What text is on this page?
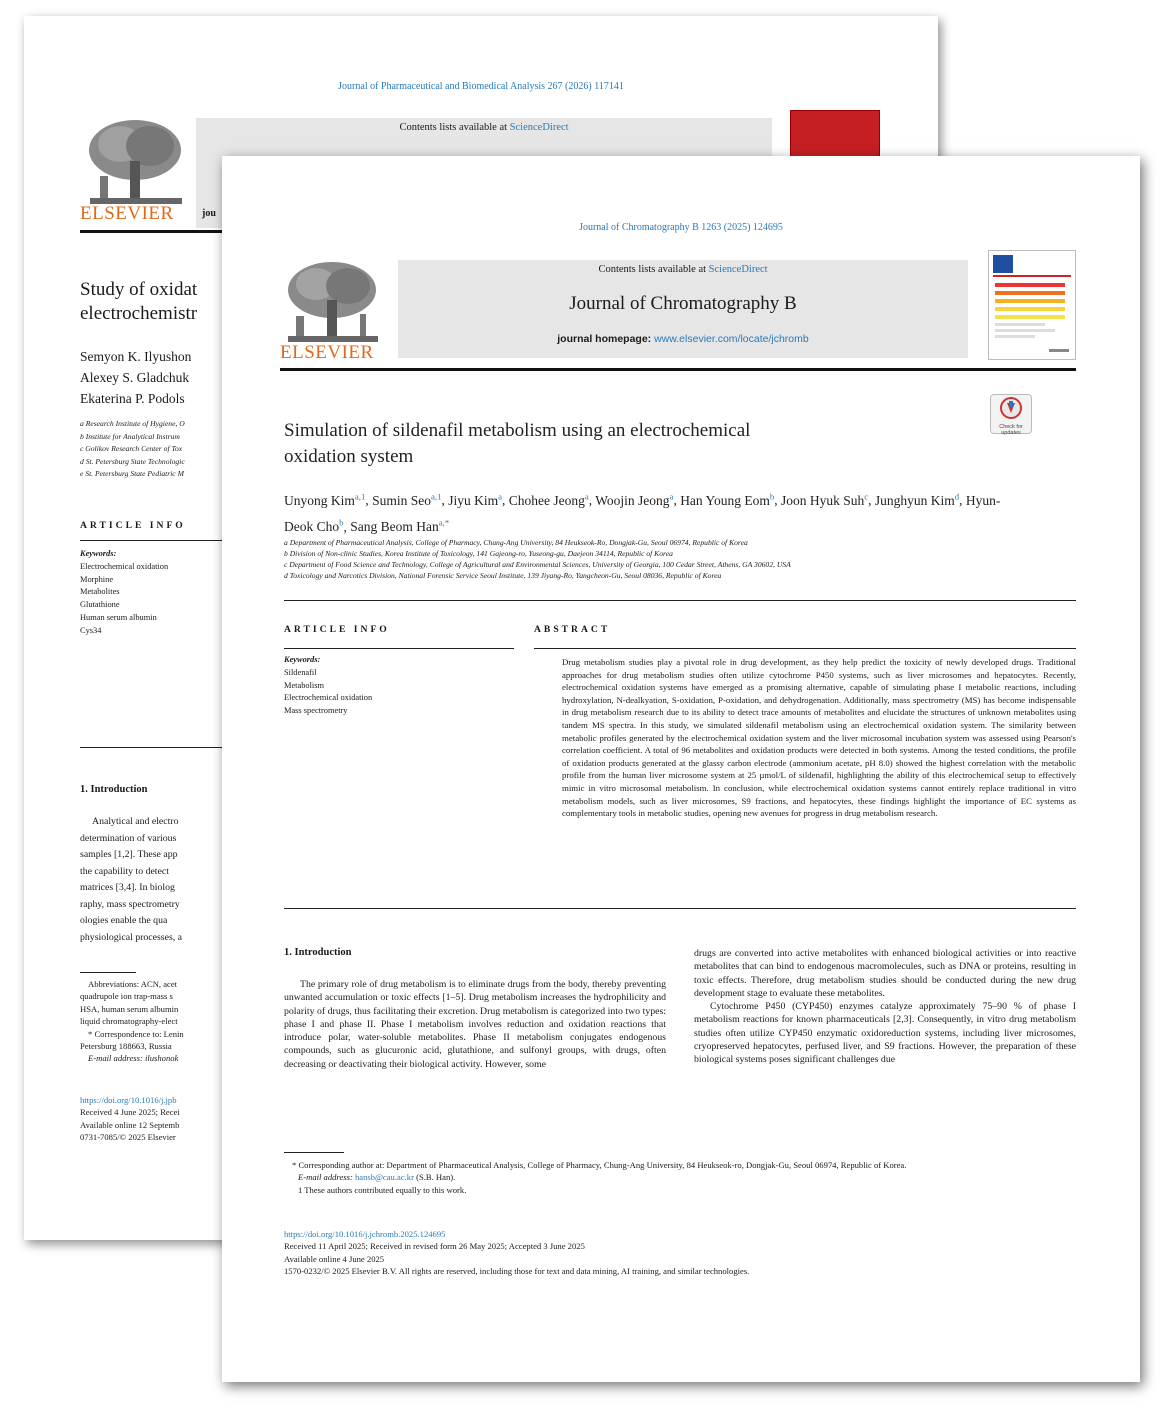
Journal of Pharmaceutical and Biomedical Analysis 267 (2026) 117141
ELSEVIER
Contents lists available at ScienceDirect
jou
Study of oxidat
electrochemistr
Semyon K. Ilyushon
Alexey S. Gladchuk
Ekaterina P. Podols
a Research Institute of Hygiene, O
b Institute for Analytical Instrum
c Golikov Research Center of Tox
d St. Petersburg State Technologic
e St. Petersburg State Pediatric M
ARTICLE INFO
Keywords:
Electrochemical oxidation
Morphine
Metabolites
Glutathione
Human serum albumin
Cys34
1. Introduction
Analytical and electro
determination of various
samples [1,2]. These app
the capability to detect
matrices [3,4]. In biolog
raphy, mass spectrometry
ologies enable the qua
physiological processes, a
Abbreviations: ACN, acet
quadrupole ion trap-mass s
HSA, human serum albumin
liquid chromatography-elect
* Correspondence to: Lenin
Petersburg 188663, Russia
E-mail address: ilushonok
https://doi.org/10.1016/j.jpb
Received 4 June 2025; Recei
Available online 12 Septemb
0731-7085/© 2025 Elsevier
Journal of Chromatography B 1263 (2025) 124695
ELSEVIER
Contents lists available at ScienceDirect
Journal of Chromatography B
journal homepage: www.elsevier.com/locate/jchromb
Check for updates
Simulation of sildenafil metabolism using an electrochemical
oxidation system
Unyong Kim$^{a,1}$, Sumin Seo$^{a,1}$, Jiyu Kim$^a$, Chohee Jeong$^a$, Woojin Jeong$^a$, Han Young Eom$^b$, Joon Hyuk Suh$^c$, Junghyun Kim$^d$, Hyun-Deok Cho$^b$, Sang Beom Han$^{a,*}$
a Department of Pharmaceutical Analysis, College of Pharmacy, Chung-Ang University, 84 Heukseok-Ro, Dongjak-Gu, Seoul 06974, Republic of Korea
b Division of Non-clinic Studies, Korea Institute of Toxicology, 141 Gajeong-ro, Yuseong-gu, Daejeon 34114, Republic of Korea
c Department of Food Science and Technology, College of Agricultural and Environmental Sciences, University of Georgia, 100 Cedar Street, Athens, GA 30602, USA
d Toxicology and Narcotics Division, National Forensic Service Seoul Institute, 139 Jiyang-Ro, Yangcheon-Gu, Seoul 08036, Republic of Korea
ARTICLE INFO
Keywords:
Sildenafil
Metabolism
Electrochemical oxidation
Mass spectrometry
ABSTRACT
Drug metabolism studies play a pivotal role in drug development, as they help predict the toxicity of newly developed drugs. Traditional approaches for drug metabolism studies often utilize cytochrome P450 systems, such as liver microsomes and hepatocytes. Recently, electrochemical oxidation systems have emerged as a promising alternative, capable of simulating phase I metabolic reactions, including hydroxylation, N-dealkyation, S-oxidation, P-oxidation, and dehydrogenation. Additionally, mass spectrometry (MS) has become indispensable in drug metabolism research due to its ability to detect trace amounts of metabolites and elucidate the structures of unknown metabolites using tandem MS spectra. In this study, we simulated sildenafil metabolism using an electrochemical oxidation system. The similarity between metabolic profiles generated by the electrochemical oxidation system and the liver microsomal incubation system was assessed using Pearson's correlation coefficient. A total of 96 metabolites and oxidation products were detected in both systems. Among the tested conditions, the profile of oxidation products generated at the glassy carbon electrode (ammonium acetate, pH 8.0) showed the highest correlation with the metabolic profile from the human liver microsome system at 25 µmol/L of sildenafil, highlighting the ability of this electrochemical setup to effectively mimic in vitro microsomal metabolism. In conclusion, while electrochemical oxidation systems cannot entirely replace traditional in vitro metabolism models, such as liver microsomes, S9 fractions, and hepatocytes, these findings highlight the importance of EC systems as complementary tools in metabolic studies, opening new avenues for progress in drug metabolism research.
1. Introduction
The primary role of drug metabolism is to eliminate drugs from the body, thereby preventing unwanted accumulation or toxic effects [1–5]. Drug metabolism increases the hydrophilicity and polarity of drugs, thus facilitating their excretion. Drug metabolism is categorized into two types: phase I and phase II. Phase I metabolism involves reduction and oxidation reactions that introduce polar, water-soluble metabolites. Phase II metabolism conjugates endogenous compounds, such as glucuronic acid, glutathione, and sulfonyl groups, with drugs, often decreasing or deactivating their biological activity. However, some
drugs are converted into active metabolites with enhanced biological activities or into reactive metabolites that can bind to endogenous macromolecules, such as DNA or proteins, resulting in toxic effects. Therefore, drug metabolism studies should be conducted during the new drug development stage to evaluate these metabolites.
Cytochrome P450 (CYP450) enzymes catalyze approximately 75–90 % of phase I metabolism reactions for known pharmaceuticals [2,3]. Consequently, in vitro drug metabolism studies often utilize CYP450 enzymatic oxidoreduction systems, including liver microsomes, cryopreserved hepatocytes, perfused liver, and S9 fractions. However, the preparation of these biological systems poses significant challenges due
* Corresponding author at: Department of Pharmaceutical Analysis, College of Pharmacy, Chung-Ang University, 84 Heukseok-ro, Dongjak-Gu, Seoul 06974, Republic of Korea.
E-mail address: hansb@cau.ac.kr (S.B. Han).
1 These authors contributed equally to this work.
https://doi.org/10.1016/j.jchromb.2025.124695
Received 11 April 2025; Received in revised form 26 May 2025; Accepted 3 June 2025
Available online 4 June 2025
1570-0232/© 2025 Elsevier B.V. All rights are reserved, including those for text and data mining, AI training, and similar technologies.
